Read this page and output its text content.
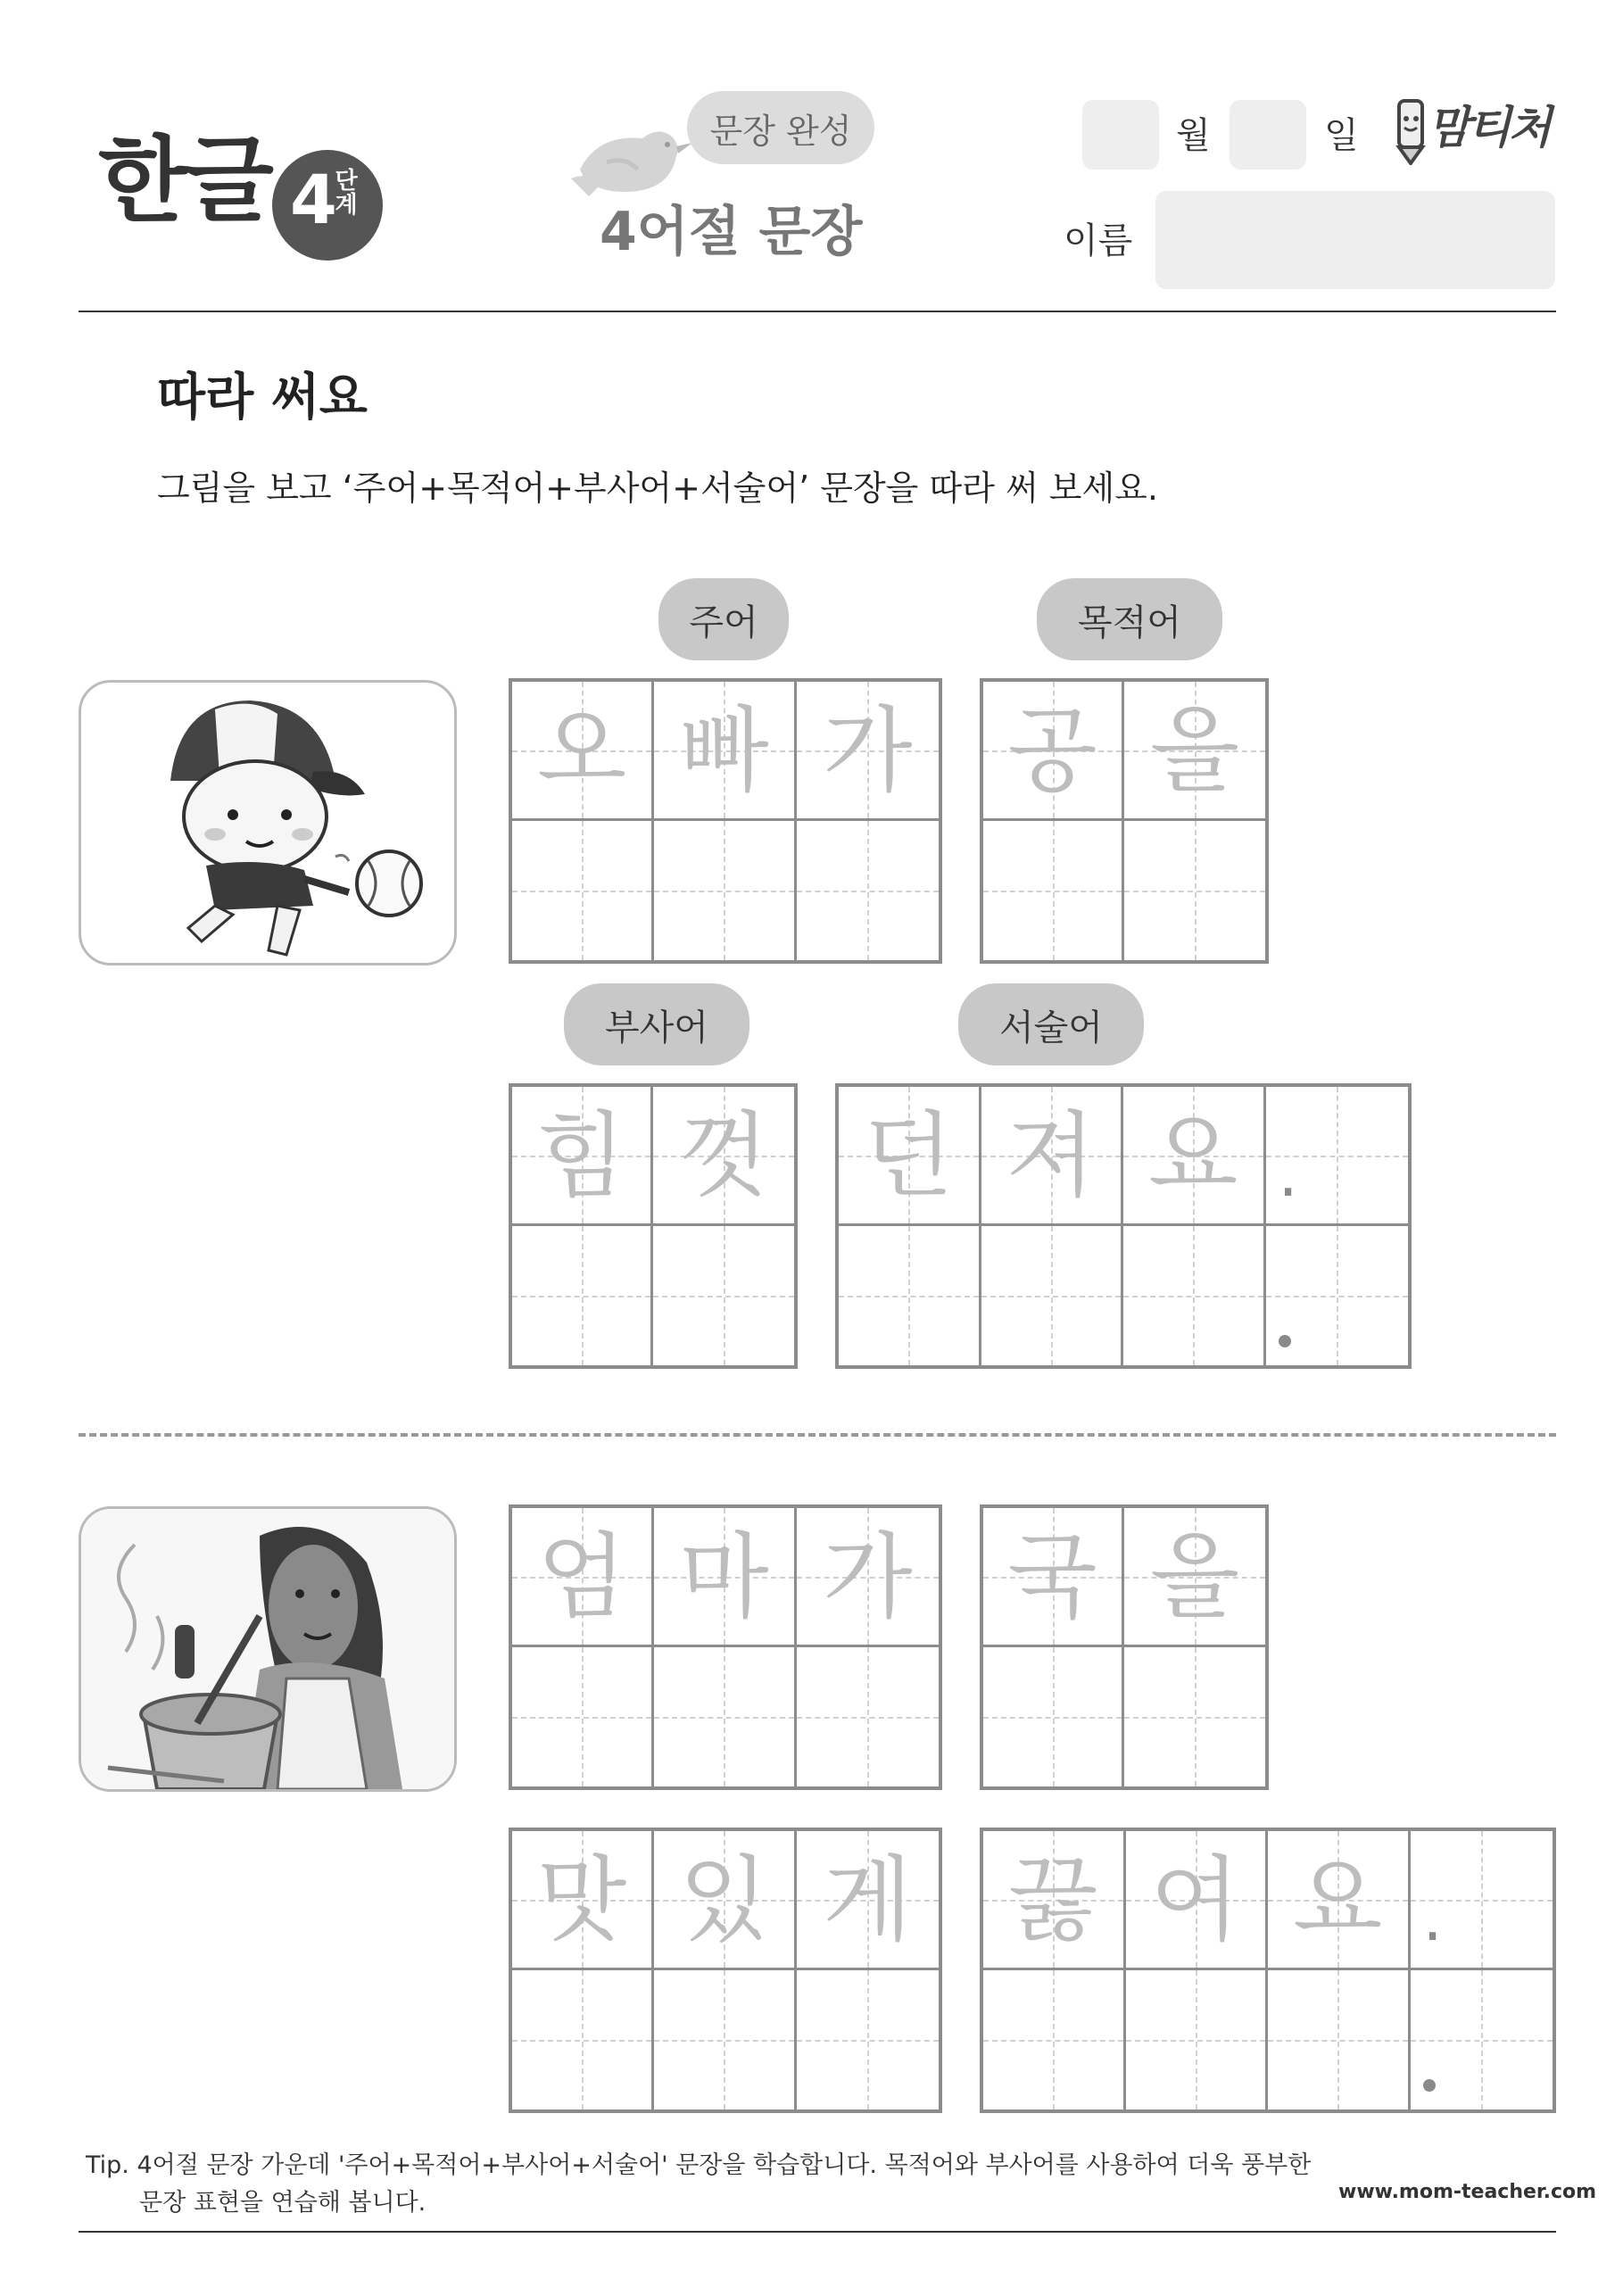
한글 4
단계
문장 완성
4어절 문장
월	일
이름
맘티처
따라 써요
그림을 보고 ‘주어+목적어+부사어+서술어’ 문장을 따라 써 보세요.
주어	목적어
오 빠 가 공 을
부사어	서술어
힘 껏 던 져 요 .
엄 마 가 국 을
맛 있 게 끓 여 요 .
Tip. 4어절 문장 가운데 '주어+목적어+부사어+서술어' 문장을 학습합니다. 목적어와 부사어를 사용하여 더욱 풍부한
문장 표현을 연습해 봅니다.	www.mom-teacher.com
